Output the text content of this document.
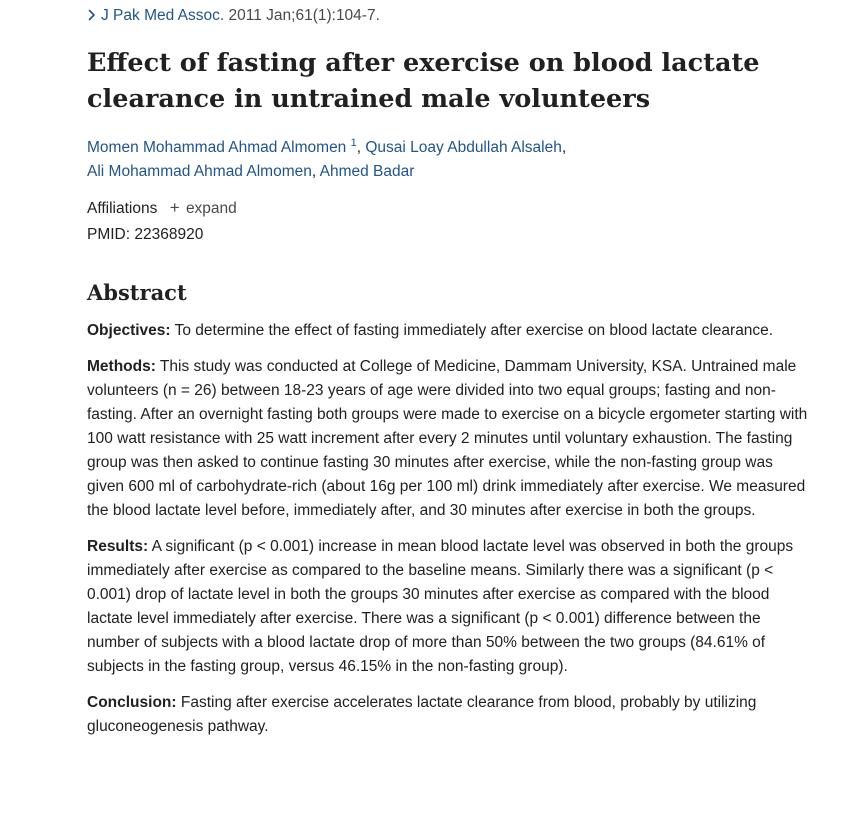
J Pak Med Assoc. 2011 Jan;61(1):104-7.
Effect of fasting after exercise on blood lactate clearance in untrained male volunteers
Momen Mohammad Ahmad Almomen $^1$, Qusai Loay Abdullah Alsaleh,
Ali Mohammad Ahmad Almomen, Ahmed Badar
Affiliations + expand
PMID: 22368920
Abstract

Objectives: To determine the effect of fasting immediately after exercise on blood lactate clearance.

Methods: This study was conducted at College of Medicine, Dammam University, KSA. Untrained male volunteers (n = 26) between 18-23 years of age were divided into two equal groups; fasting and non-fasting. After an overnight fasting both groups were made to exercise on a bicycle ergometer starting with 100 watt resistance with 25 watt increment after every 2 minutes until voluntary exhaustion. The fasting group was then asked to continue fasting 30 minutes after exercise, while the non-fasting group was given 600 ml of carbohydrate-rich (about 16g per 100 ml) drink immediately after exercise. We measured the blood lactate level before, immediately after, and 30 minutes after exercise in both the groups.

Results: A significant (p < 0.001) increase in mean blood lactate level was observed in both the groups immediately after exercise as compared to the baseline means. Similarly there was a significant (p < 0.001) drop of lactate level in both the groups 30 minutes after exercise as compared with the blood lactate level immediately after exercise. There was a significant (p < 0.001) difference between the number of subjects with a blood lactate drop of more than 50% between the two groups (84.61% of subjects in the fasting group, versus 46.15% in the non-fasting group).

Conclusion: Fasting after exercise accelerates lactate clearance from blood, probably by utilizing gluconeogenesis pathway.
